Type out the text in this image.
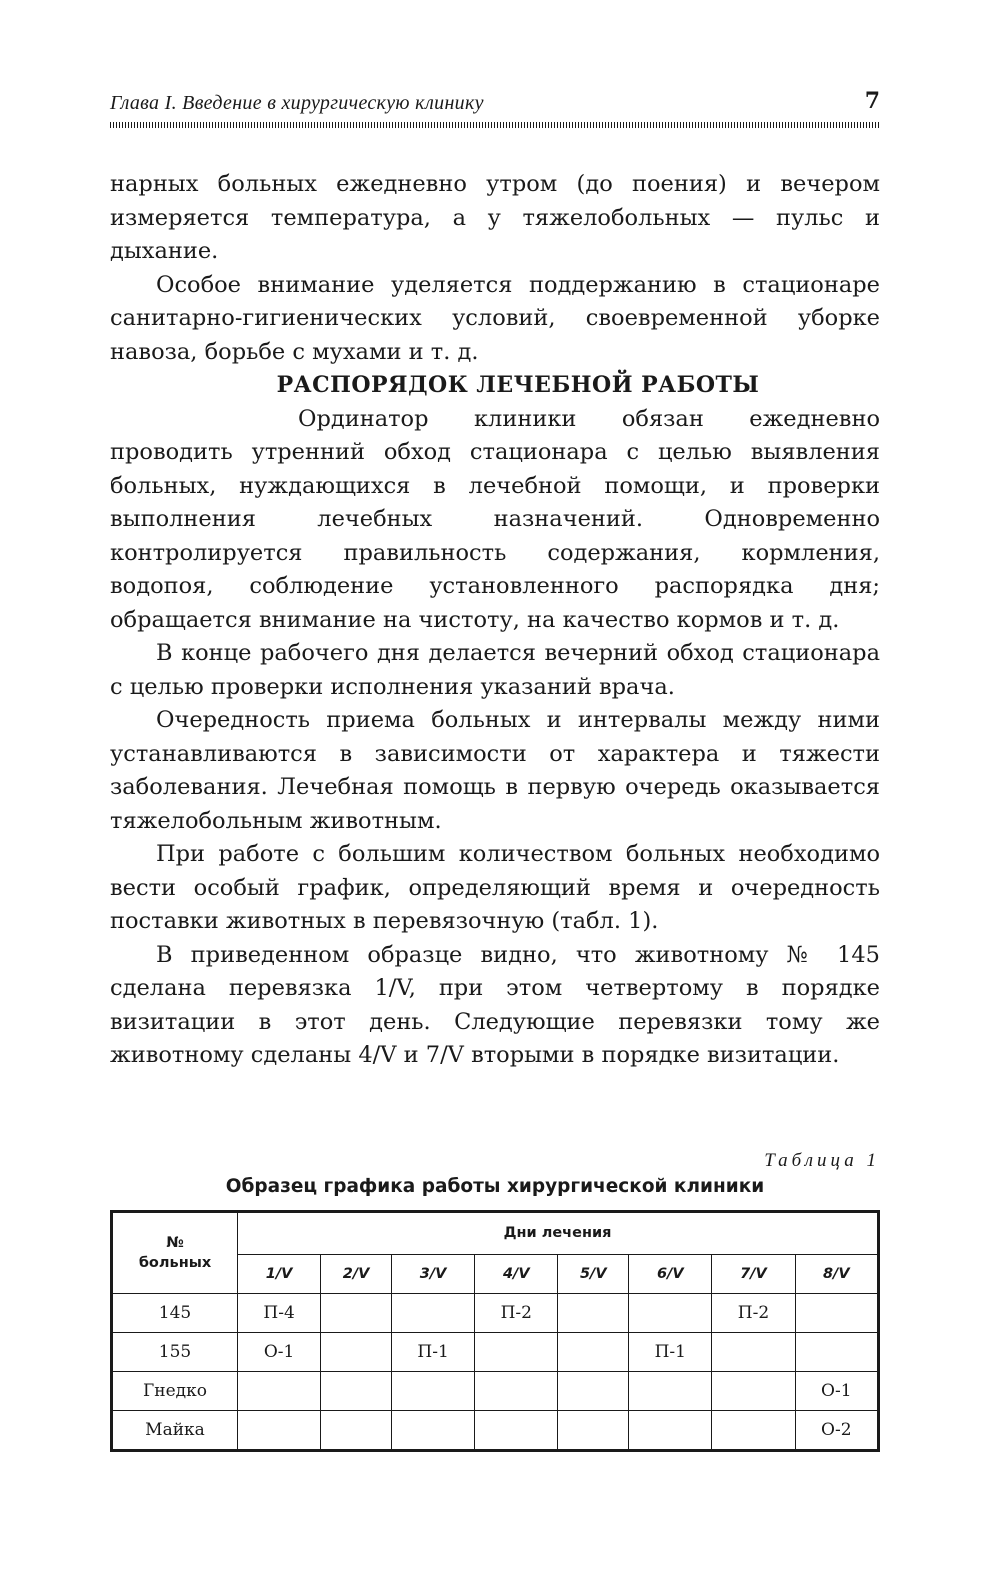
Глава I. Введение в хирургическую клинику	7

нарных больных ежедневно утром (до поения) и вечером измеряется температура, а у тяжелобольных — пульс и дыхание.

Особое внимание уделяется поддержанию в стационаре санитарно-гигиенических условий, своевременной уборке навоза, борьбе с мухами и т. д.

РАСПОРЯДОК ЛЕЧЕБНОЙ РАБОТЫ

Ординатор клиники обязан ежедневно проводить утренний обход стационара с целью выявления больных, нуждающихся в лечебной помощи, и проверки выполнения лечебных назначений. Одновременно контролируется правильность содержания, кормления, водопоя, соблюдение установленного распорядка дня; обращается внимание на чистоту, на качество кормов и т. д.

В конце рабочего дня делается вечерний обход стационара с целью проверки исполнения указаний врача.

Очередность приема больных и интервалы между ними устанавливаются в зависимости от характера и тяжести заболевания. Лечебная помощь в первую очередь оказывается тяжелобольным животным.

При работе с большим количеством больных необходимо вести особый график, определяющий время и очередность поставки животных в перевязочную (табл. 1).

В приведенном образце видно, что животному № 145 сделана перевязка 1/V, при этом четвертому в порядке визитации в этот день. Следующие перевязки тому же животному сделаны 4/V и 7/V вторыми в порядке визитации.

Таблица 1
Образец графика работы хирургической клиники
№
больных	Дни лечения							
	1/V	2/V	3/V	4/V	5/V	6/V	7/V	8/V
145	П-4			П-2			П-2	
155	О-1		П-1			П-1		
Гнедко								О-1
Майка								О-2
